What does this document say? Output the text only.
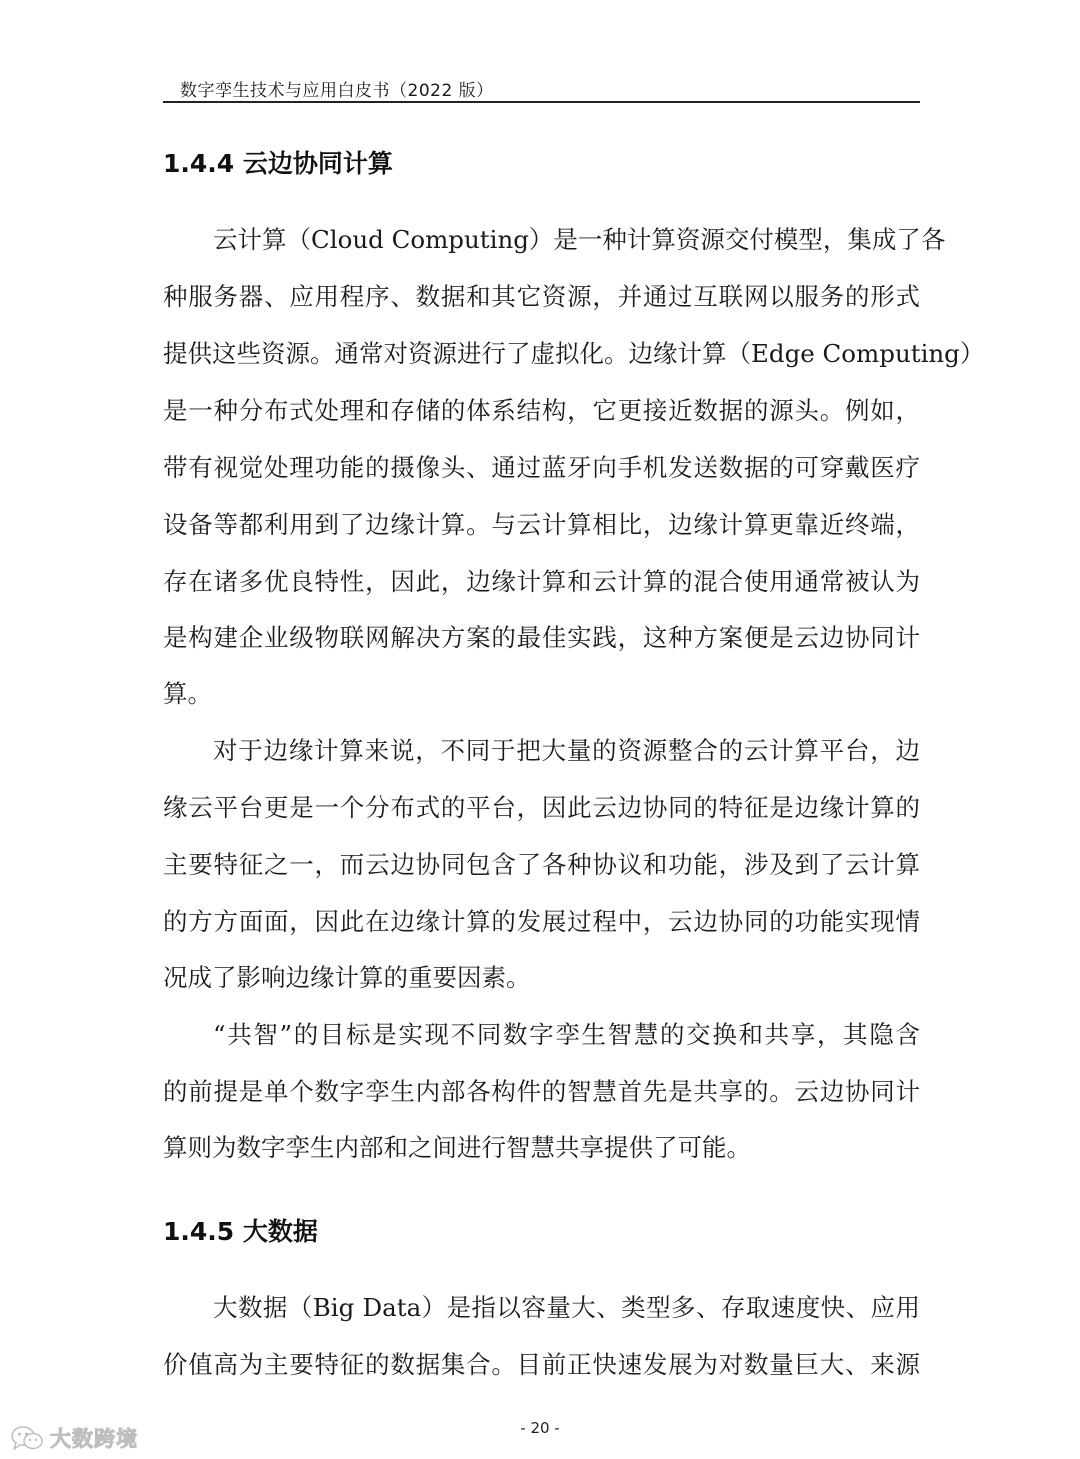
数字孪生技术与应用白皮书（2022 版）
1.4.4 云边协同计算
云计算（Cloud Computing）是一种计算资源交付模型，集成了各
种服务器、应用程序、数据和其它资源，并通过互联网以服务的形式
提供这些资源。通常对资源进行了虚拟化。边缘计算（Edge Computing）
是一种分布式处理和存储的体系结构，它更接近数据的源头。例如，
带有视觉处理功能的摄像头、通过蓝牙向手机发送数据的可穿戴医疗
设备等都利用到了边缘计算。与云计算相比，边缘计算更靠近终端，
存在诸多优良特性，因此，边缘计算和云计算的混合使用通常被认为
是构建企业级物联网解决方案的最佳实践，这种方案便是云边协同计
算。
对于边缘计算来说，不同于把大量的资源整合的云计算平台，边
缘云平台更是一个分布式的平台，因此云边协同的特征是边缘计算的
主要特征之一，而云边协同包含了各种协议和功能，涉及到了云计算
的方方面面，因此在边缘计算的发展过程中，云边协同的功能实现情
况成了影响边缘计算的重要因素。
“共智”的目标是实现不同数字孪生智慧的交换和共享，其隐含
的前提是单个数字孪生内部各构件的智慧首先是共享的。云边协同计
算则为数字孪生内部和之间进行智慧共享提供了可能。
1.4.5 大数据
大数据（Big Data）是指以容量大、类型多、存取速度快、应用
价值高为主要特征的数据集合。目前正快速发展为对数量巨大、来源
- 20 -
大数跨境
